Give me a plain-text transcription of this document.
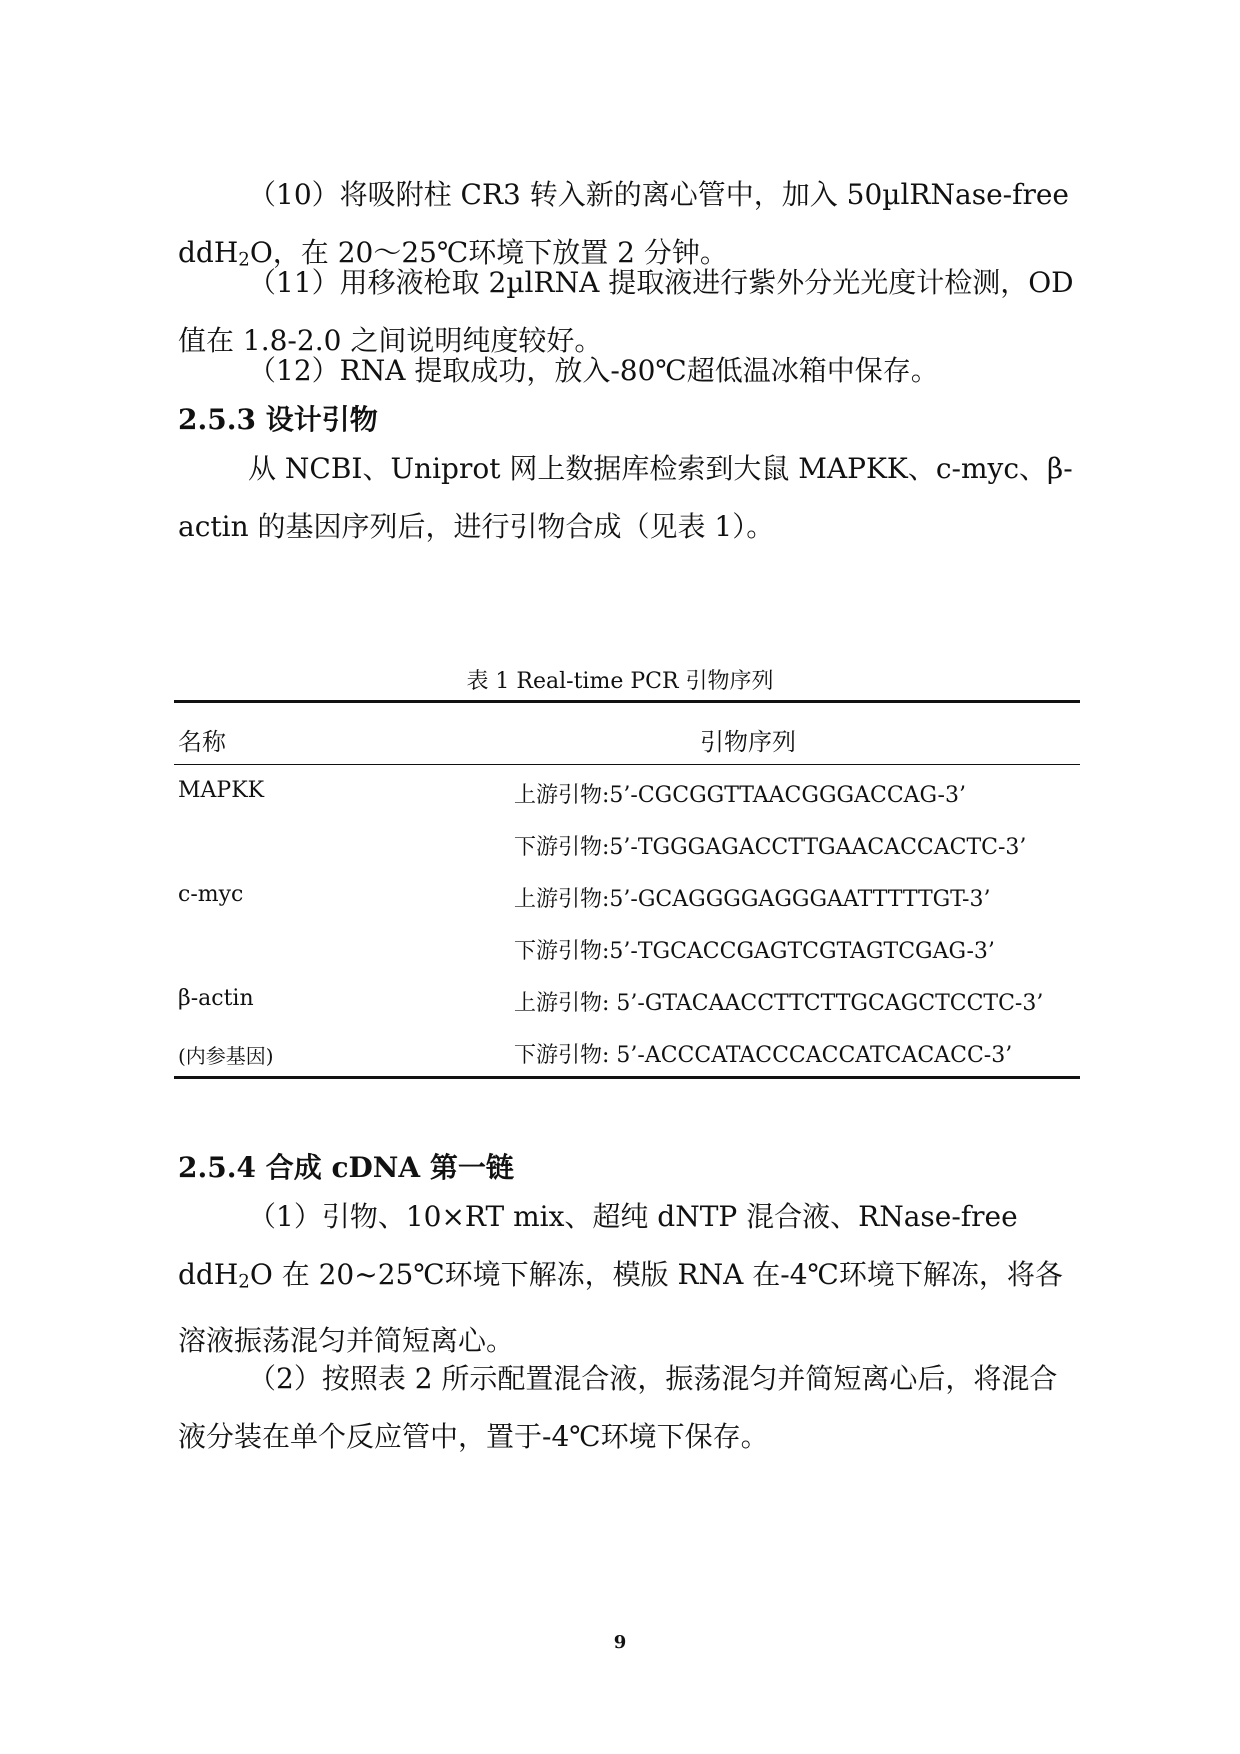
（10）将吸附柱 CR3 转入新的离心管中，加入 50µlRNase-free ddH$_2$O，在 20～25℃环境下放置 2 分钟。

（11）用移液枪取 2µlRNA 提取液进行紫外分光光度计检测，OD 值在 1.8-2.0 之间说明纯度较好。

（12）RNA 提取成功，放入-80℃超低温冰箱中保存。

2.5.3 设计引物

从 NCBI、Uniprot 网上数据库检索到大鼠 MAPKK、c-myc、β-actin 的基因序列后，进行引物合成（见表 1）。

表 1 Real-time PCR 引物序列

名称	引物序列
MAPKK	上游引物:5’-CGCGGTTAACGGGACCAG-3’
下游引物:5’-TGGGAGACCTTGAACACCACTC-3’
c-myc	上游引物:5’-GCAGGGGAGGGAATTTTTGT-3’
下游引物:5’-TGCACCGAGTCGTAGTCGAG-3’
β-actin	上游引物: 5’-GTACAACCTTCTTGCAGCTCCTC-3’
(内参基因)	下游引物: 5’-ACCCATACCCACCATCACACC-3’
2.5.4 合成 cDNA 第一链

（1）引物、10×RT mix、超纯 dNTP 混合液、RNase-free ddH$_2$O 在 20~25℃环境下解冻，模版 RNA 在-4℃环境下解冻，将各溶液振荡混匀并简短离心。

（2）按照表 2 所示配置混合液，振荡混匀并简短离心后，将混合液分装在单个反应管中，置于-4℃环境下保存。

9
